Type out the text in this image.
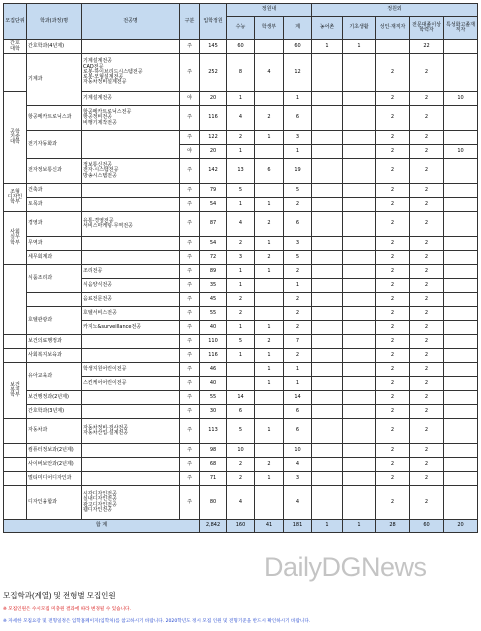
모집단위	학과(과정)명	전공명	구분	입학정원	정원내			정원외				
					수능	학생부	계	농어촌	기초생활	성인·재직자	전문대졸이상학력자	특성화고졸재직자
간호
대학	간호학과(4년제)		주	145	60		60	1	1		22	
	기계과	기계설계전공
CAD전공
로봇·하이브리드시스템전공
로봇·모형설계전공
자동차정비설계전공	주	252	8	4	12			2	2	
공학
기술
대학		기계설계전공	야	20	1		1			2	2	10
	항공메카트로닉스과	항공메카트로닉스전공
항공정비전공
비행기제작전공	주	116	4	2	6			2	2	
	전기자동화과		주	122	2	1	3			2	2	
			야	20	1		1			2	2	10
	전자정보통신과	정보통신전공
전자·시스템전공
방송시스템전공	주	142	13	6	19			2	2	
조형
디자인
학부	건축과		주	79	5		5			2	2	
	토목과		주	54	1	1	2			2	2	
사회
실무
학부	경영과	유통·경영전공
서비스마케팅·무역전공	주	87	4	2	6			2	2	
	무역과		주	54	2	1	3			2	2	
	세무회계과		주	72	3	2	5			2	2	
	식품조리과	조리전공	주	89	1	1	2			2	2	
		식음양식전공	주	35	1		1			2	2	
		음료전문전공	주	45	2		2			2	2	
	호텔관광과	호텔서비스전공	주	55	2		2			2	2	
		카지노&surveillance전공	주	40	1	1	2			2	2	
	보건의료행정과		주	110	5	2	7			2	2	
	사회복지보육과		주	116	1	1	2			2	2	
보건
복지
학부	유아교육과	학생지원어린이전공	주	46		1	1			2	2	
		스킨케어어린이전공	주	40		1	1			2	2	
	보건행정과(2년제)		주	55	14		14			2	2	
	간호학과(3년제)		주	30	6		6			2	2	
	자동차과	자동차정비·검사전공
자동차산업·설계전공	주	113	5	1	6			2	2	
	컴퓨터정보과(2년제)		주	98	10		10			2	2	
	사이버보안과(2년제)		주	68	2	2	4			2	2	
	멀티미디어디자인과		주	71	2	1	3			2	2	
	디자인융합과	시각디자인전공
실내디자인전공
광고디자인전공
웹디자인전공	주	80	4		4			2	2	
합 계				2,842	160	41	181	1	1	28	60	20
모집학과(계열) 및 전형별 모집인원
※ 모집인원은 수시모집 미충원 결과에 따라 변경될 수 있습니다.
※ 자세한 모집요강 및 전형일정은 입학홈페이지(입학처)를 참고하시기 바랍니다. 2020학년도 정시 모집 인원 및 전형기준을 반드시 확인하시기 바랍니다.
DailyDGNews
